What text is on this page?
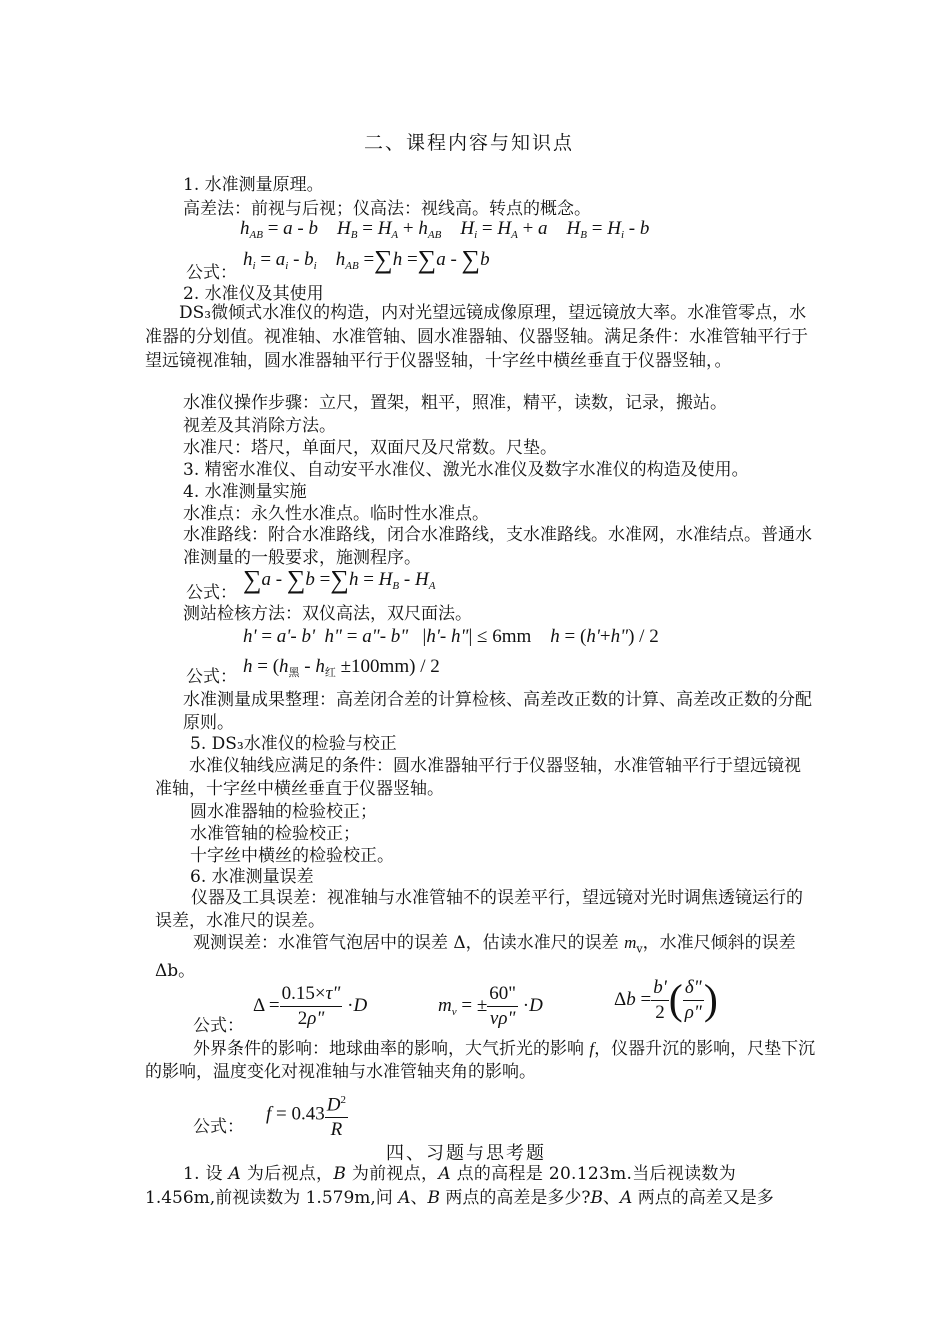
二、课程内容与知识点
1. 水准测量原理。
高差法：前视与后视；仪高法：视线高。转点的概念。
$h_{AB} = a - b$    $H_B = H_A + h_{AB}$    $H_i = H_A + a$    $H_B = H_i - b$
公式：
$h_i = a_i - b_i$    $h_{AB} =\sum h =\sum a - \sum b$
2. 水准仪及其使用
DS₃微倾式水准仪的构造，内对光望远镜成像原理，望远镜放大率。水准管零点，水准器的分划值。视准轴、水准管轴、圆水准器轴、仪器竖轴。满足条件：水准管轴平行于望远镜视准轴，圆水准器轴平行于仪器竖轴，十字丝中横丝垂直于仪器竖轴，。
水准仪操作步骤：立尺，置架，粗平，照准，精平，读数，记录，搬站。
视差及其消除方法。
水准尺：塔尺，单面尺，双面尺及尺常数。尺垫。
3. 精密水准仪、自动安平水准仪、激光水准仪及数字水准仪的构造及使用。
4. 水准测量实施
水准点：永久性水准点。临时性水准点。
水准路线：附合水准路线，闭合水准路线，支水准路线。水准网，水准结点。普通水准测量的一般要求，施测程序。
公式： $\sum a - \sum b =\sum h = H_B - H_A$
测站检核方法：双仪高法，双尺面法。
h' = a'- b'  h" = a"- b"   |h'- h"| ≤ 6mm    h = (h'+h") / 2
公式： $h = (h_黑 - h_红 \pm 100mm) / 2$
水准测量成果整理：高差闭合差的计算检核、高差改正数的计算、高差改正数的分配原则。
5. DS₃水准仪的检验与校正
水准仪轴线应满足的条件：圆水准器轴平行于仪器竖轴，水准管轴平行于望远镜视准轴，十字丝中横丝垂直于仪器竖轴。
圆水准器轴的检验校正；
水准管轴的检验校正；
十字丝中横丝的检验校正。
6. 水准测量误差
仪器及工具误差：视准轴与水准管轴不的误差平行，望远镜对光时调焦透镜运行的误差，水准尺的误差。
观测误差：水准管气泡居中的误差 Δ，估读水准尺的误差 $m_v$，水准尺倾斜的误差 Δb。
$\Delta = \frac{0.15\times\tau"}{2\rho"} \cdot D$	$m_v$ = ± $\frac{60"}{v\rho"} \cdot D$	$\Delta b = \frac{b'}{2}$ ( $\frac{\delta"}{\rho"}$ )
公式：
外界条件的影响：地球曲率的影响，大气折光的影响 f，仪器升沉的影响，尺垫下沉的影响，温度变化对视准轴与水准管轴夹角的影响。
$f = 0.43 \frac{D^2}{R}$
公式：
四、习题与思考题
1. 设 A 为后视点，B 为前视点，A 点的高程是 20.123m.当后视读数为
1.456m,前视读数为 1.579m,问 A、B 两点的高差是多少?B、A 两点的高差又是多
